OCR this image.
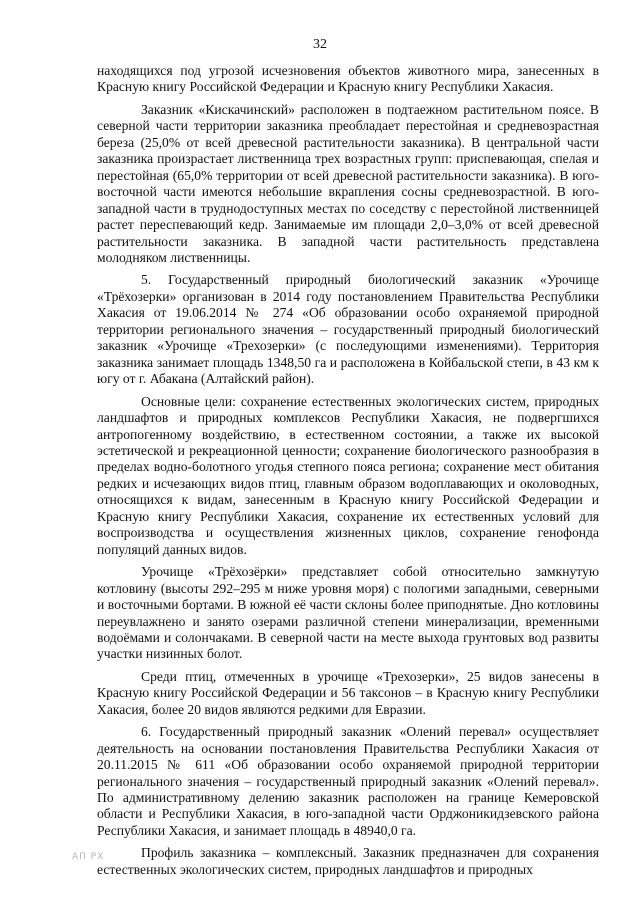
32

находящихся под угрозой исчезновения объектов животного мира, занесенных в Красную книгу Российской Федерации и Красную книгу Республики Хакасия.

Заказник «Кискачинский» расположен в подтаежном растительном поясе. В северной части территории заказника преобладает перестойная и средневозрастная береза (25,0% от всей древесной растительности заказника). В центральной части заказника произрастает лиственница трех возрастных групп: приспевающая, спелая и перестойная (65,0% территории от всей древесной растительности заказника). В юго-восточной части имеются небольшие вкрапления сосны средневозрастной. В юго-западной части в труднодоступных местах по соседству с перестойной лиственницей растет переспевающий кедр. Занимаемые им площади 2,0–3,0% от всей древесной растительности заказника. В западной части растительность представлена молодняком лиственницы.

5. Государственный природный биологический заказник «Урочище «Трёхозерки» организован в 2014 году постановлением Правительства Республики Хакасия от 19.06.2014 № 274 «Об образовании особо охраняемой природной территории регионального значения – государственный природный биологический заказник «Урочище «Трехозерки» (с последующими изменениями). Территория заказника занимает площадь 1348,50 га и расположена в Койбальской степи, в 43 км к югу от г. Абакана (Алтайский район).

Основные цели: сохранение естественных экологических систем, природных ландшафтов и природных комплексов Республики Хакасия, не подвергшихся антропогенному воздействию, в естественном состоянии, а также их высокой эстетической и рекреационной ценности; сохранение биологического разнообразия в пределах водно-болотного угодья степного пояса региона; сохранение мест обитания редких и исчезающих видов птиц, главным образом водоплавающих и околоводных, относящихся к видам, занесенным в Красную книгу Российской Федерации и Красную книгу Республики Хакасия, сохранение их естественных условий для воспроизводства и осуществления жизненных циклов, сохранение генофонда популяций данных видов.

Урочище «Трёхозёрки» представляет собой относительно замкнутую котловину (высоты 292–295 м ниже уровня моря) с пологими западными, северными и восточными бортами. В южной её части склоны более приподнятые. Дно котловины переувлажнено и занято озерами различной степени минерализации, временными водоёмами и солончаками. В северной части на месте выхода грунтовых вод развиты участки низинных болот.

Среди птиц, отмеченных в урочище «Трехозерки», 25 видов занесены в Красную книгу Российской Федерации и 56 таксонов – в Красную книгу Республики Хакасия, более 20 видов являются редкими для Евразии.

6. Государственный природный заказник «Олений перевал» осуществляет деятельность на основании постановления Правительства Республики Хакасия от 20.11.2015 № 611 «Об образовании особо охраняемой природной территории регионального значения – государственный природный заказник «Олений перевал». По административному делению заказник расположен на границе Кемеровской области и Республики Хакасия, в юго-западной части Орджоникидзевского района Республики Хакасия, и занимает площадь в 48940,0 га.

Профиль заказника – комплексный. Заказник предназначен для сохранения естественных экологических систем, природных ландшафтов и природных

АП РХ
